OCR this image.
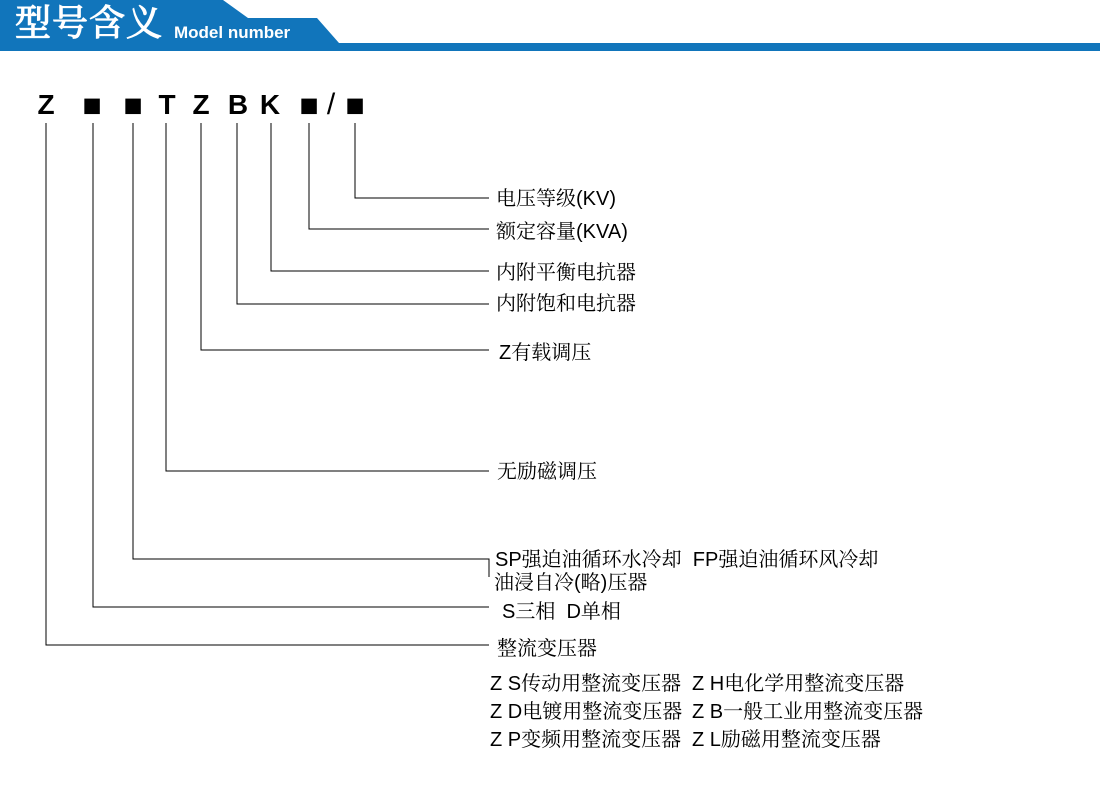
型号含义 Model number
Z ■ ■ T Z B K ■ / ■
电压等级(KV)
额定容量(KVA)
内附平衡电抗器
内附饱和电抗器
Z有载调压
无励磁调压
SP强迫油循环水冷却  FP强迫油循环风冷却
油浸自冷(略)压器
S三相  D单相
整流变压器
Z S传动用整流变压器 Z H电化学用整流变压器
Z D电镀用整流变压器 Z B一般工业用整流变压器
Z P变频用整流变压器 Z L励磁用整流变压器
